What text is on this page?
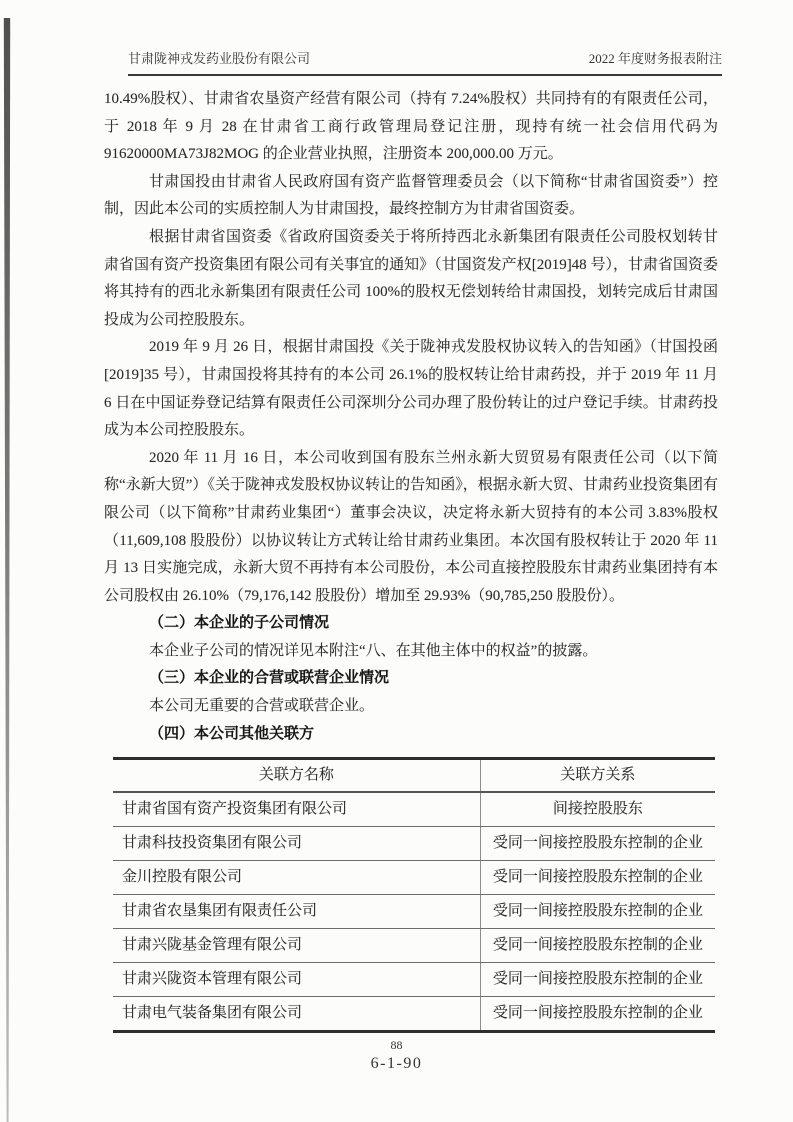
甘肃陇神戎发药业股份有限公司	2022 年度财务报表附注

10.49%股权）、甘肃省农垦资产经营有限公司（持有 7.24%股权）共同持有的有限责任公司，于 2018 年 9 月 28 在甘肃省工商行政管理局登记注册，现持有统一社会信用代码为 91620000MA73J82MOG 的企业营业执照，注册资本 200,000.00 万元。

甘肃国投由甘肃省人民政府国有资产监督管理委员会（以下简称“甘肃省国资委”）控制，因此本公司的实质控制人为甘肃国投，最终控制方为甘肃省国资委。

根据甘肃省国资委《省政府国资委关于将所持西北永新集团有限责任公司股权划转甘肃省国有资产投资集团有限公司有关事宜的通知》（甘国资发产权[2019]48 号），甘肃省国资委将其持有的西北永新集团有限责任公司 100%的股权无偿划转给甘肃国投，划转完成后甘肃国投成为公司控股股东。

2019 年 9 月 26 日，根据甘肃国投《关于陇神戎发股权协议转入的告知函》（甘国投函[2019]35 号），甘肃国投将其持有的本公司 26.1%的股权转让给甘肃药投，并于 2019 年 11 月 6 日在中国证券登记结算有限责任公司深圳分公司办理了股份转让的过户登记手续。甘肃药投成为本公司控股股东。

2020 年 11 月 16 日，本公司收到国有股东兰州永新大贸贸易有限责任公司（以下简称“永新大贸”）《关于陇神戎发股权协议转让的告知函》，根据永新大贸、甘肃药业投资集团有限公司（以下简称”甘肃药业集团“）董事会决议，决定将永新大贸持有的本公司 3.83%股权（11,609,108 股股份）以协议转让方式转让给甘肃药业集团。本次国有股权转让于 2020 年 11 月 13 日实施完成，永新大贸不再持有本公司股份，本公司直接控股股东甘肃药业集团持有本公司股权由 26.10%（79,176,142 股股份）增加至 29.93%（90,785,250 股股份）。

（二）本企业的子公司情况

本企业子公司的情况详见本附注“八、在其他主体中的权益”的披露。

（三）本企业的合营或联营企业情况

本公司无重要的合营或联营企业。

（四）本公司其他关联方

关联方名称	关联方关系
甘肃省国有资产投资集团有限公司	间接控股股东
甘肃科技投资集团有限公司	受同一间接控股股东控制的企业
金川控股有限公司	受同一间接控股股东控制的企业
甘肃省农垦集团有限责任公司	受同一间接控股股东控制的企业
甘肃兴陇基金管理有限公司	受同一间接控股股东控制的企业
甘肃兴陇资本管理有限公司	受同一间接控股股东控制的企业
甘肃电气装备集团有限公司	受同一间接控股股东控制的企业
88
6-1-90
